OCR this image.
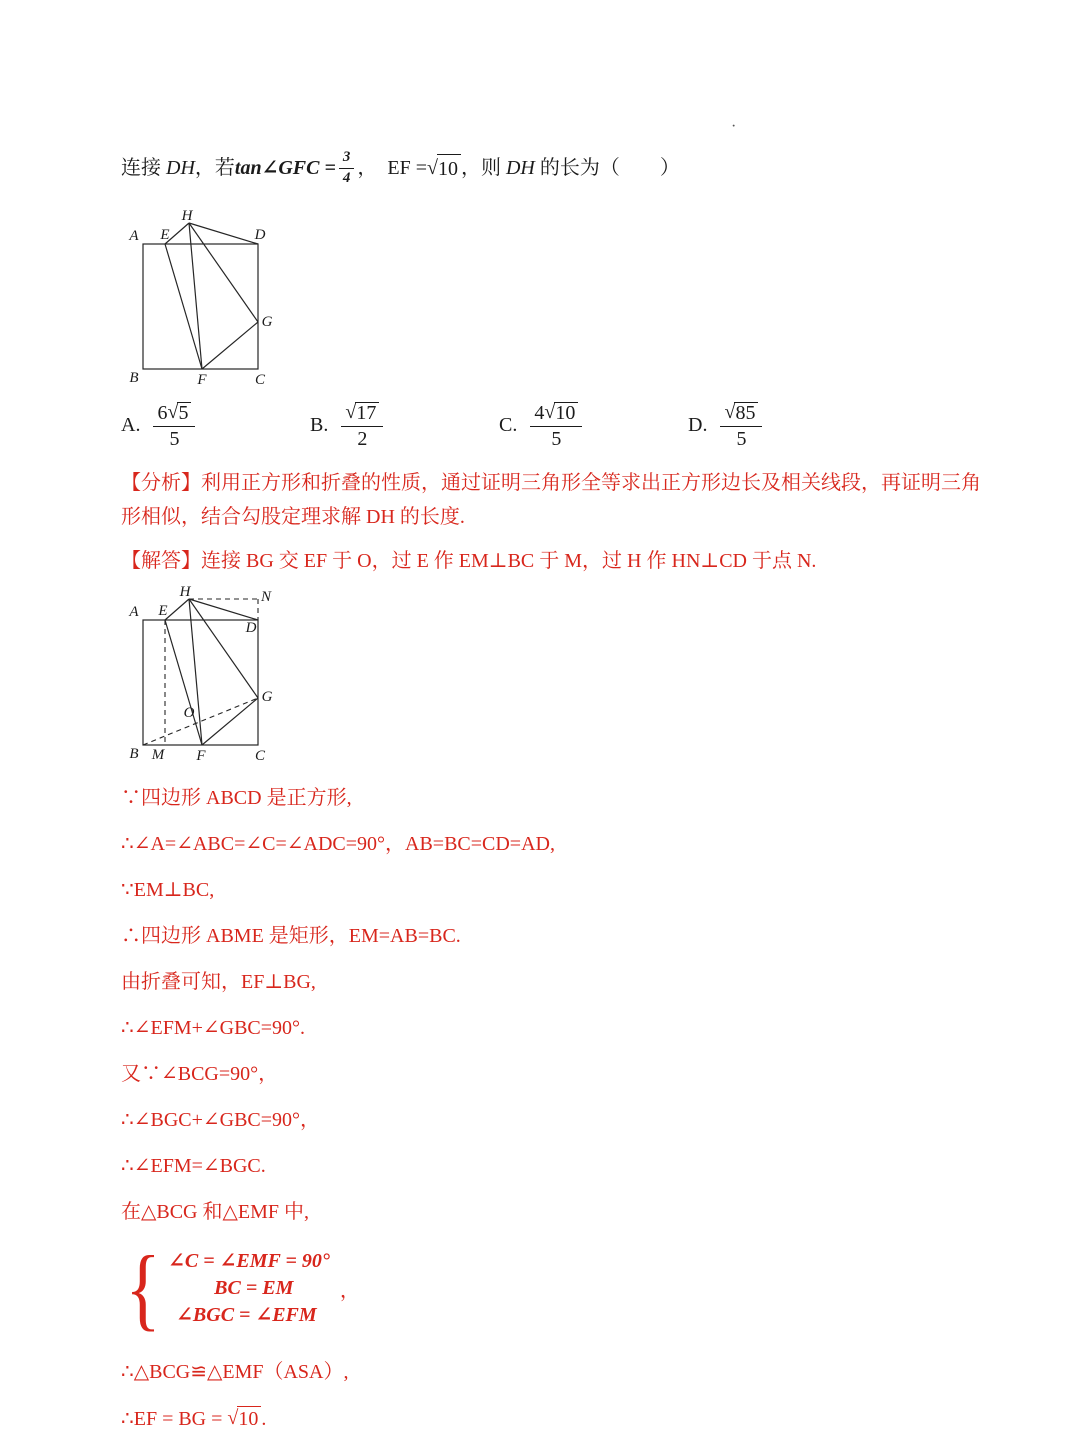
·
连接 DH ，若 tan∠GFC = $\frac{3}{4}$ ，  EF = √ 10 ，则 DH 的长为（　　）
A E
H
D
G
B	F	C
A. $\frac{6 √ 5}{5}$	B. $\frac{√ 17}{2}$	C. $\frac{4 √ 10}{5}$	D. $\frac{√ 85}{5}$
【分析】利用正方形和折叠的性质，通过证明三角形全等求出正方形边长及相关线段，再证明三角形相似，结合勾股定理求解 DH 的长度.
【解答】连接 BG 交 EF 于 O，过 E 作 EM⊥BC 于 M，过 H 作 HN⊥CD 于点 N.
A E
H	N
D
G
O
B M F	C

∵四边形 ABCD 是正方形,

∴∠A=∠ABC=∠C=∠ADC=90°，AB=BC=CD=AD,

∵EM⊥BC,

∴四边形 ABME 是矩形，EM=AB=BC.

由折叠可知，EF⊥BG,

∴∠EFM+∠GBC=90°.

又∵∠BCG=90°，

∴∠BGC+∠GBC=90°，

∴∠EFM=∠BGC.

在△BCG 和△EMF 中,

{ ∠C = ∠EMF = 90°
BC = EM
∠BGC = ∠EFM
，

∴△BCG≌△EMF（ASA）,

∴EF = BG = √ 10 .
